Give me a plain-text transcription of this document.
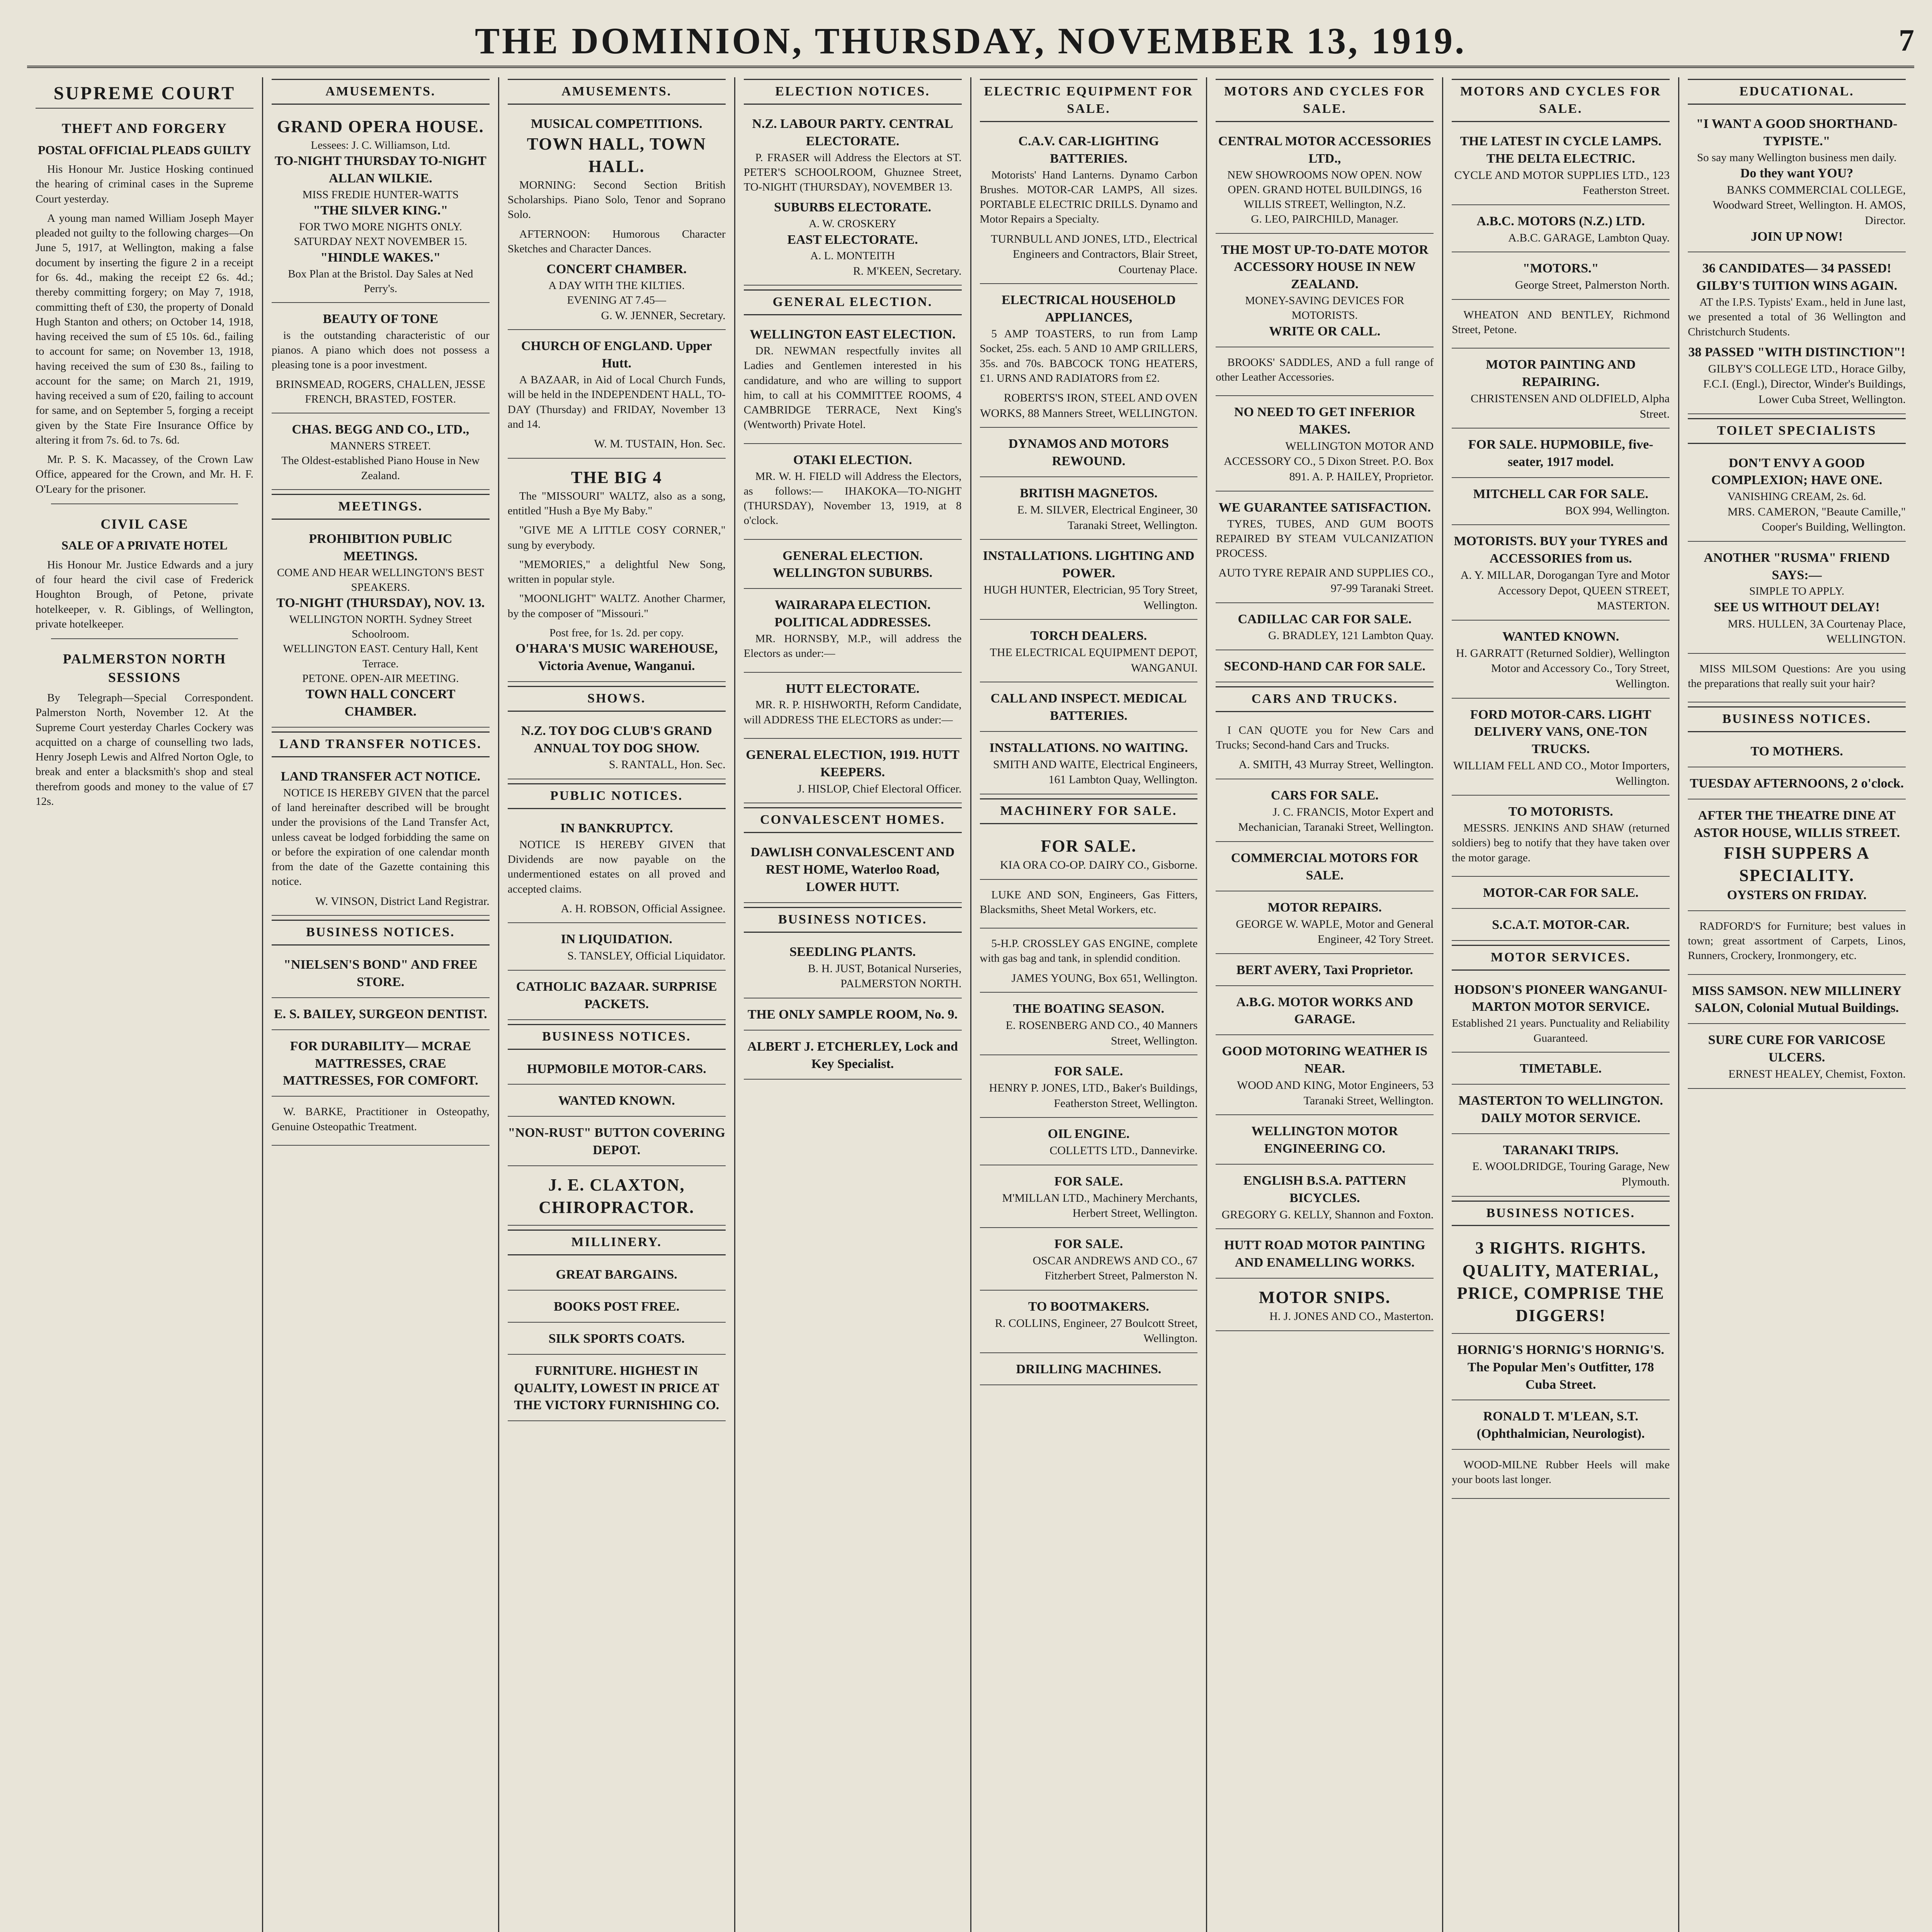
THE DOMINION, THURSDAY, NOVEMBER 13, 1919.	7
SUPREME COURT
THEFT AND FORGERY
POSTAL OFFICIAL PLEADS GUILTY

His Honour Mr. Justice Hosking continued the hearing of criminal cases in the Supreme Court yesterday.

A young man named William Joseph Mayer pleaded not guilty to the following charges—On June 5, 1917, at Wellington, making a false document by inserting the figure 2 in a receipt for 6s. 4d., making the receipt £2 6s. 4d.; thereby committing forgery; on May 7, 1918, committing theft of £30, the property of Donald Hugh Stanton and others; on October 14, 1918, having received the sum of £5 10s. 6d., failing to account for same; on November 13, 1918, having received the sum of £30 8s., failing to account for the same; on March 21, 1919, having received a sum of £20, failing to account for same, and on September 5, forging a receipt given by the State Fire Insurance Office by altering it from 7s. 6d. to 7s. 6d.

Mr. P. S. K. Macassey, of the Crown Law Office, appeared for the Crown, and Mr. H. F. O'Leary for the prisoner.

CIVIL CASE
SALE OF A PRIVATE HOTEL

His Honour Mr. Justice Edwards and a jury of four heard the civil case of Frederick Houghton Brough, of Petone, private hotelkeeper, v. R. Giblings, of Wellington, private hotelkeeper.

PALMERSTON NORTH SESSIONS

By Telegraph—Special Correspondent. Palmerston North, November 12. At the Supreme Court yesterday Charles Cockery was acquitted on a charge of counselling two lads, Henry Joseph Lewis and Alfred Norton Ogle, to break and enter a blacksmith's shop and steal therefrom goods and money to the value of £7 12s.

AMUSEMENTS.
GRAND OPERA HOUSE.
Lessees: J. C. Williamson, Ltd.
TO-NIGHT THURSDAY TO-NIGHT
ALLAN WILKIE.
MISS FREDIE HUNTER-WATTS
"THE SILVER KING."
FOR TWO MORE NIGHTS ONLY. SATURDAY NEXT NOVEMBER 15.
"HINDLE WAKES."
Box Plan at the Bristol. Day Sales at Ned Perry's.
BEAUTY OF TONE

is the outstanding characteristic of our pianos. A piano which does not possess a pleasing tone is a poor investment.

BRINSMEAD, ROGERS, CHALLEN, JESSE FRENCH, BRASTED, FOSTER.
CHAS. BEGG AND CO., LTD.,
MANNERS STREET.
The Oldest-established Piano House in New Zealand.
MEETINGS.
PROHIBITION PUBLIC MEETINGS.
COME AND HEAR WELLINGTON'S BEST SPEAKERS.
TO-NIGHT (THURSDAY), NOV. 13.
WELLINGTON NORTH. Sydney Street Schoolroom.
WELLINGTON EAST. Century Hall, Kent Terrace.
PETONE. OPEN-AIR MEETING.
TOWN HALL CONCERT CHAMBER.
LAND TRANSFER NOTICES.
LAND TRANSFER ACT NOTICE.

NOTICE IS HEREBY GIVEN that the parcel of land hereinafter described will be brought under the provisions of the Land Transfer Act, unless caveat be lodged forbidding the same on or before the expiration of one calendar month from the date of the Gazette containing this notice.

W. VINSON, District Land Registrar.
BUSINESS NOTICES.
"NIELSEN'S BOND" AND FREE STORE.
E. S. BAILEY, SURGEON DENTIST.
FOR DURABILITY— MCRAE MATTRESSES, CRAE MATTRESSES, FOR COMFORT.

W. BARKE, Practitioner in Osteopathy, Genuine Osteopathic Treatment.

AMUSEMENTS.
MUSICAL COMPETITIONS.
TOWN HALL, TOWN HALL.

MORNING: Second Section British Scholarships. Piano Solo, Tenor and Soprano Solo.

AFTERNOON: Humorous Character Sketches and Character Dances.

CONCERT CHAMBER.
A DAY WITH THE KILTIES.
EVENING AT 7.45—
G. W. JENNER, Secretary.
CHURCH OF ENGLAND. Upper Hutt.

A BAZAAR, in Aid of Local Church Funds, will be held in the INDEPENDENT HALL, TO-DAY (Thursday) and FRIDAY, November 13 and 14.

W. M. TUSTAIN, Hon. Sec.
THE BIG 4

The "MISSOURI" WALTZ, also as a song, entitled "Hush a Bye My Baby."

"GIVE ME A LITTLE COSY CORNER," sung by everybody.

"MEMORIES," a delightful New Song, written in popular style.

"MOONLIGHT" WALTZ. Another Charmer, by the composer of "Missouri."

Post free, for 1s. 2d. per copy.
O'HARA'S MUSIC WAREHOUSE, Victoria Avenue, Wanganui.
SHOWS.
N.Z. TOY DOG CLUB'S GRAND ANNUAL TOY DOG SHOW.
S. RANTALL, Hon. Sec.
PUBLIC NOTICES.
IN BANKRUPTCY.

NOTICE IS HEREBY GIVEN that Dividends are now payable on the undermentioned estates on all proved and accepted claims.

A. H. ROBSON, Official Assignee.
IN LIQUIDATION.
S. TANSLEY, Official Liquidator.
CATHOLIC BAZAAR. SURPRISE PACKETS.
BUSINESS NOTICES.
HUPMOBILE MOTOR-CARS.
WANTED KNOWN.
"NON-RUST" BUTTON COVERING DEPOT.
J. E. CLAXTON, CHIROPRACTOR.
MILLINERY.
GREAT BARGAINS.
BOOKS POST FREE.
SILK SPORTS COATS.
FURNITURE. HIGHEST IN QUALITY, LOWEST IN PRICE AT THE VICTORY FURNISHING CO.
ELECTION NOTICES.
N.Z. LABOUR PARTY. CENTRAL ELECTORATE.

P. FRASER will Address the Electors at ST. PETER'S SCHOOLROOM, Ghuznee Street, TO-NIGHT (THURSDAY), NOVEMBER 13.

SUBURBS ELECTORATE.
A. W. CROSKERY
EAST ELECTORATE.
A. L. MONTEITH
R. M'KEEN, Secretary.
GENERAL ELECTION.
WELLINGTON EAST ELECTION.

DR. NEWMAN respectfully invites all Ladies and Gentlemen interested in his candidature, and who are willing to support him, to call at his COMMITTEE ROOMS, 4 CAMBRIDGE TERRACE, Next King's (Wentworth) Private Hotel.

OTAKI ELECTION.

MR. W. H. FIELD will Address the Electors, as follows:— IHAKOKA—TO-NIGHT (THURSDAY), November 13, 1919, at 8 o'clock.

GENERAL ELECTION. WELLINGTON SUBURBS.
WAIRARAPA ELECTION.
POLITICAL ADDRESSES.

MR. HORNSBY, M.P., will address the Electors as under:—

HUTT ELECTORATE.

MR. R. P. HISHWORTH, Reform Candidate, will ADDRESS THE ELECTORS as under:—

GENERAL ELECTION, 1919. HUTT KEEPERS.
J. HISLOP, Chief Electoral Officer.
CONVALESCENT HOMES.
DAWLISH CONVALESCENT AND REST HOME, Waterloo Road, LOWER HUTT.
BUSINESS NOTICES.
SEEDLING PLANTS.
B. H. JUST, Botanical Nurseries, PALMERSTON NORTH.
THE ONLY SAMPLE ROOM, No. 9.
ALBERT J. ETCHERLEY, Lock and Key Specialist.
ELECTRIC EQUIPMENT FOR SALE.
C.A.V. CAR-LIGHTING BATTERIES.

Motorists' Hand Lanterns. Dynamo Carbon Brushes. MOTOR-CAR LAMPS, All sizes. PORTABLE ELECTRIC DRILLS. Dynamo and Motor Repairs a Specialty.

TURNBULL AND JONES, LTD., Electrical Engineers and Contractors, Blair Street, Courtenay Place.
ELECTRICAL HOUSEHOLD APPLIANCES,

5 AMP TOASTERS, to run from Lamp Socket, 25s. each. 5 AND 10 AMP GRILLERS, 35s. and 70s. BABCOCK TONG HEATERS, £1. URNS AND RADIATORS from £2.

ROBERTS'S IRON, STEEL AND OVEN WORKS, 88 Manners Street, WELLINGTON.
DYNAMOS AND MOTORS REWOUND.
BRITISH MAGNETOS.
E. M. SILVER, Electrical Engineer, 30 Taranaki Street, Wellington.
INSTALLATIONS. LIGHTING AND POWER.
HUGH HUNTER, Electrician, 95 Tory Street, Wellington.
TORCH DEALERS.
THE ELECTRICAL EQUIPMENT DEPOT, WANGANUI.
CALL AND INSPECT. MEDICAL BATTERIES.
INSTALLATIONS. NO WAITING.
SMITH AND WAITE, Electrical Engineers, 161 Lambton Quay, Wellington.
MACHINERY FOR SALE.
FOR SALE.
KIA ORA CO-OP. DAIRY CO., Gisborne.

LUKE AND SON, Engineers, Gas Fitters, Blacksmiths, Sheet Metal Workers, etc.

5-H.P. CROSSLEY GAS ENGINE, complete with gas bag and tank, in splendid condition.

JAMES YOUNG, Box 651, Wellington.
THE BOATING SEASON.
E. ROSENBERG AND CO., 40 Manners Street, Wellington.
FOR SALE.
HENRY P. JONES, LTD., Baker's Buildings, Featherston Street, Wellington.
OIL ENGINE.
COLLETTS LTD., Dannevirke.
FOR SALE.
M'MILLAN LTD., Machinery Merchants, Herbert Street, Wellington.
FOR SALE.
OSCAR ANDREWS AND CO., 67 Fitzherbert Street, Palmerston N.
TO BOOTMAKERS.
R. COLLINS, Engineer, 27 Boulcott Street, Wellington.
DRILLING MACHINES.
MOTORS AND CYCLES FOR SALE.
CENTRAL MOTOR ACCESSORIES LTD.,
NEW SHOWROOMS NOW OPEN. NOW OPEN. GRAND HOTEL BUILDINGS, 16 WILLIS STREET, Wellington, N.Z.
G. LEO, PAIRCHILD, Manager.
THE MOST UP-TO-DATE MOTOR ACCESSORY HOUSE IN NEW ZEALAND.
MONEY-SAVING DEVICES FOR MOTORISTS.
WRITE OR CALL.

BROOKS' SADDLES, AND a full range of other Leather Accessories.

NO NEED TO GET INFERIOR MAKES.
WELLINGTON MOTOR AND ACCESSORY CO., 5 Dixon Street. P.O. Box 891. A. P. HAILEY, Proprietor.
WE GUARANTEE SATISFACTION.

TYRES, TUBES, AND GUM BOOTS REPAIRED BY STEAM VULCANIZATION PROCESS.

AUTO TYRE REPAIR AND SUPPLIES CO., 97-99 Taranaki Street.
CADILLAC CAR FOR SALE.
G. BRADLEY, 121 Lambton Quay.
SECOND-HAND CAR FOR SALE.
CARS AND TRUCKS.

I CAN QUOTE you for New Cars and Trucks; Second-hand Cars and Trucks.

A. SMITH, 43 Murray Street, Wellington.
CARS FOR SALE.
J. C. FRANCIS, Motor Expert and Mechanician, Taranaki Street, Wellington.
COMMERCIAL MOTORS FOR SALE.
MOTOR REPAIRS.
GEORGE W. WAPLE, Motor and General Engineer, 42 Tory Street.
BERT AVERY, Taxi Proprietor.
A.B.G. MOTOR WORKS AND GARAGE.
GOOD MOTORING WEATHER IS NEAR.
WOOD AND KING, Motor Engineers, 53 Taranaki Street, Wellington.
WELLINGTON MOTOR ENGINEERING CO.
ENGLISH B.S.A. PATTERN BICYCLES.
GREGORY G. KELLY, Shannon and Foxton.
HUTT ROAD MOTOR PAINTING AND ENAMELLING WORKS.
MOTOR SNIPS.
H. J. JONES AND CO., Masterton.
MOTORS AND CYCLES FOR SALE.
THE LATEST IN CYCLE LAMPS. THE DELTA ELECTRIC.
CYCLE AND MOTOR SUPPLIES LTD., 123 Featherston Street.
A.B.C. MOTORS (N.Z.) LTD.
A.B.C. GARAGE, Lambton Quay.
"MOTORS."
George Street, Palmerston North.

WHEATON AND BENTLEY, Richmond Street, Petone.

MOTOR PAINTING AND REPAIRING.
CHRISTENSEN AND OLDFIELD, Alpha Street.
FOR SALE. HUPMOBILE, five-seater, 1917 model.
MITCHELL CAR FOR SALE.
BOX 994, Wellington.
MOTORISTS. BUY your TYRES and ACCESSORIES from us.
A. Y. MILLAR, Dorogangan Tyre and Motor Accessory Depot, QUEEN STREET, MASTERTON.
WANTED KNOWN.
H. GARRATT (Returned Soldier), Wellington Motor and Accessory Co., Tory Street, Wellington.
FORD MOTOR-CARS. LIGHT DELIVERY VANS, ONE-TON TRUCKS.
WILLIAM FELL AND CO., Motor Importers, Wellington.
TO MOTORISTS.

MESSRS. JENKINS AND SHAW (returned soldiers) beg to notify that they have taken over the motor garage.

MOTOR-CAR FOR SALE.
S.C.A.T. MOTOR-CAR.
MOTOR SERVICES.
HODSON'S PIONEER WANGANUI-MARTON MOTOR SERVICE.
Established 21 years. Punctuality and Reliability Guaranteed.
TIMETABLE.
MASTERTON TO WELLINGTON. DAILY MOTOR SERVICE.
TARANAKI TRIPS.
E. WOOLDRIDGE, Touring Garage, New Plymouth.
BUSINESS NOTICES.
3 RIGHTS. RIGHTS. QUALITY, MATERIAL, PRICE, COMPRISE THE DIGGERS!
HORNIG'S HORNIG'S HORNIG'S. The Popular Men's Outfitter, 178 Cuba Street.
RONALD T. M'LEAN, S.T. (Ophthalmician, Neurologist).

WOOD-MILNE Rubber Heels will make your boots last longer.

EDUCATIONAL.
"I WANT A GOOD SHORTHAND-TYPISTE."
So say many Wellington business men daily.
Do they want YOU?
BANKS COMMERCIAL COLLEGE, Woodward Street, Wellington. H. AMOS, Director.
JOIN UP NOW!
36 CANDIDATES— 34 PASSED! GILBY'S TUITION WINS AGAIN.

AT the I.P.S. Typists' Exam., held in June last, we presented a total of 36 Wellington and Christchurch Students.

38 PASSED "WITH DISTINCTION"!
GILBY'S COLLEGE LTD., Horace Gilby, F.C.I. (Engl.), Director, Winder's Buildings, Lower Cuba Street, Wellington.
TOILET SPECIALISTS
DON'T ENVY A GOOD COMPLEXION; HAVE ONE.
VANISHING CREAM, 2s. 6d.
MRS. CAMERON, "Beaute Camille," Cooper's Building, Wellington.
ANOTHER "RUSMA" FRIEND SAYS:—
SIMPLE TO APPLY.
SEE US WITHOUT DELAY!
MRS. HULLEN, 3A Courtenay Place, WELLINGTON.

MISS MILSOM Questions: Are you using the preparations that really suit your hair?

BUSINESS NOTICES.
TO MOTHERS.
TUESDAY AFTERNOONS, 2 o'clock.
AFTER THE THEATRE DINE AT ASTOR HOUSE, WILLIS STREET.
FISH SUPPERS A SPECIALITY.
OYSTERS ON FRIDAY.

RADFORD'S for Furniture; best values in town; great assortment of Carpets, Linos, Runners, Crockery, Ironmongery, etc.

MISS SAMSON. NEW MILLINERY SALON, Colonial Mutual Buildings.
SURE CURE FOR VARICOSE ULCERS.
ERNEST HEALEY, Chemist, Foxton.
